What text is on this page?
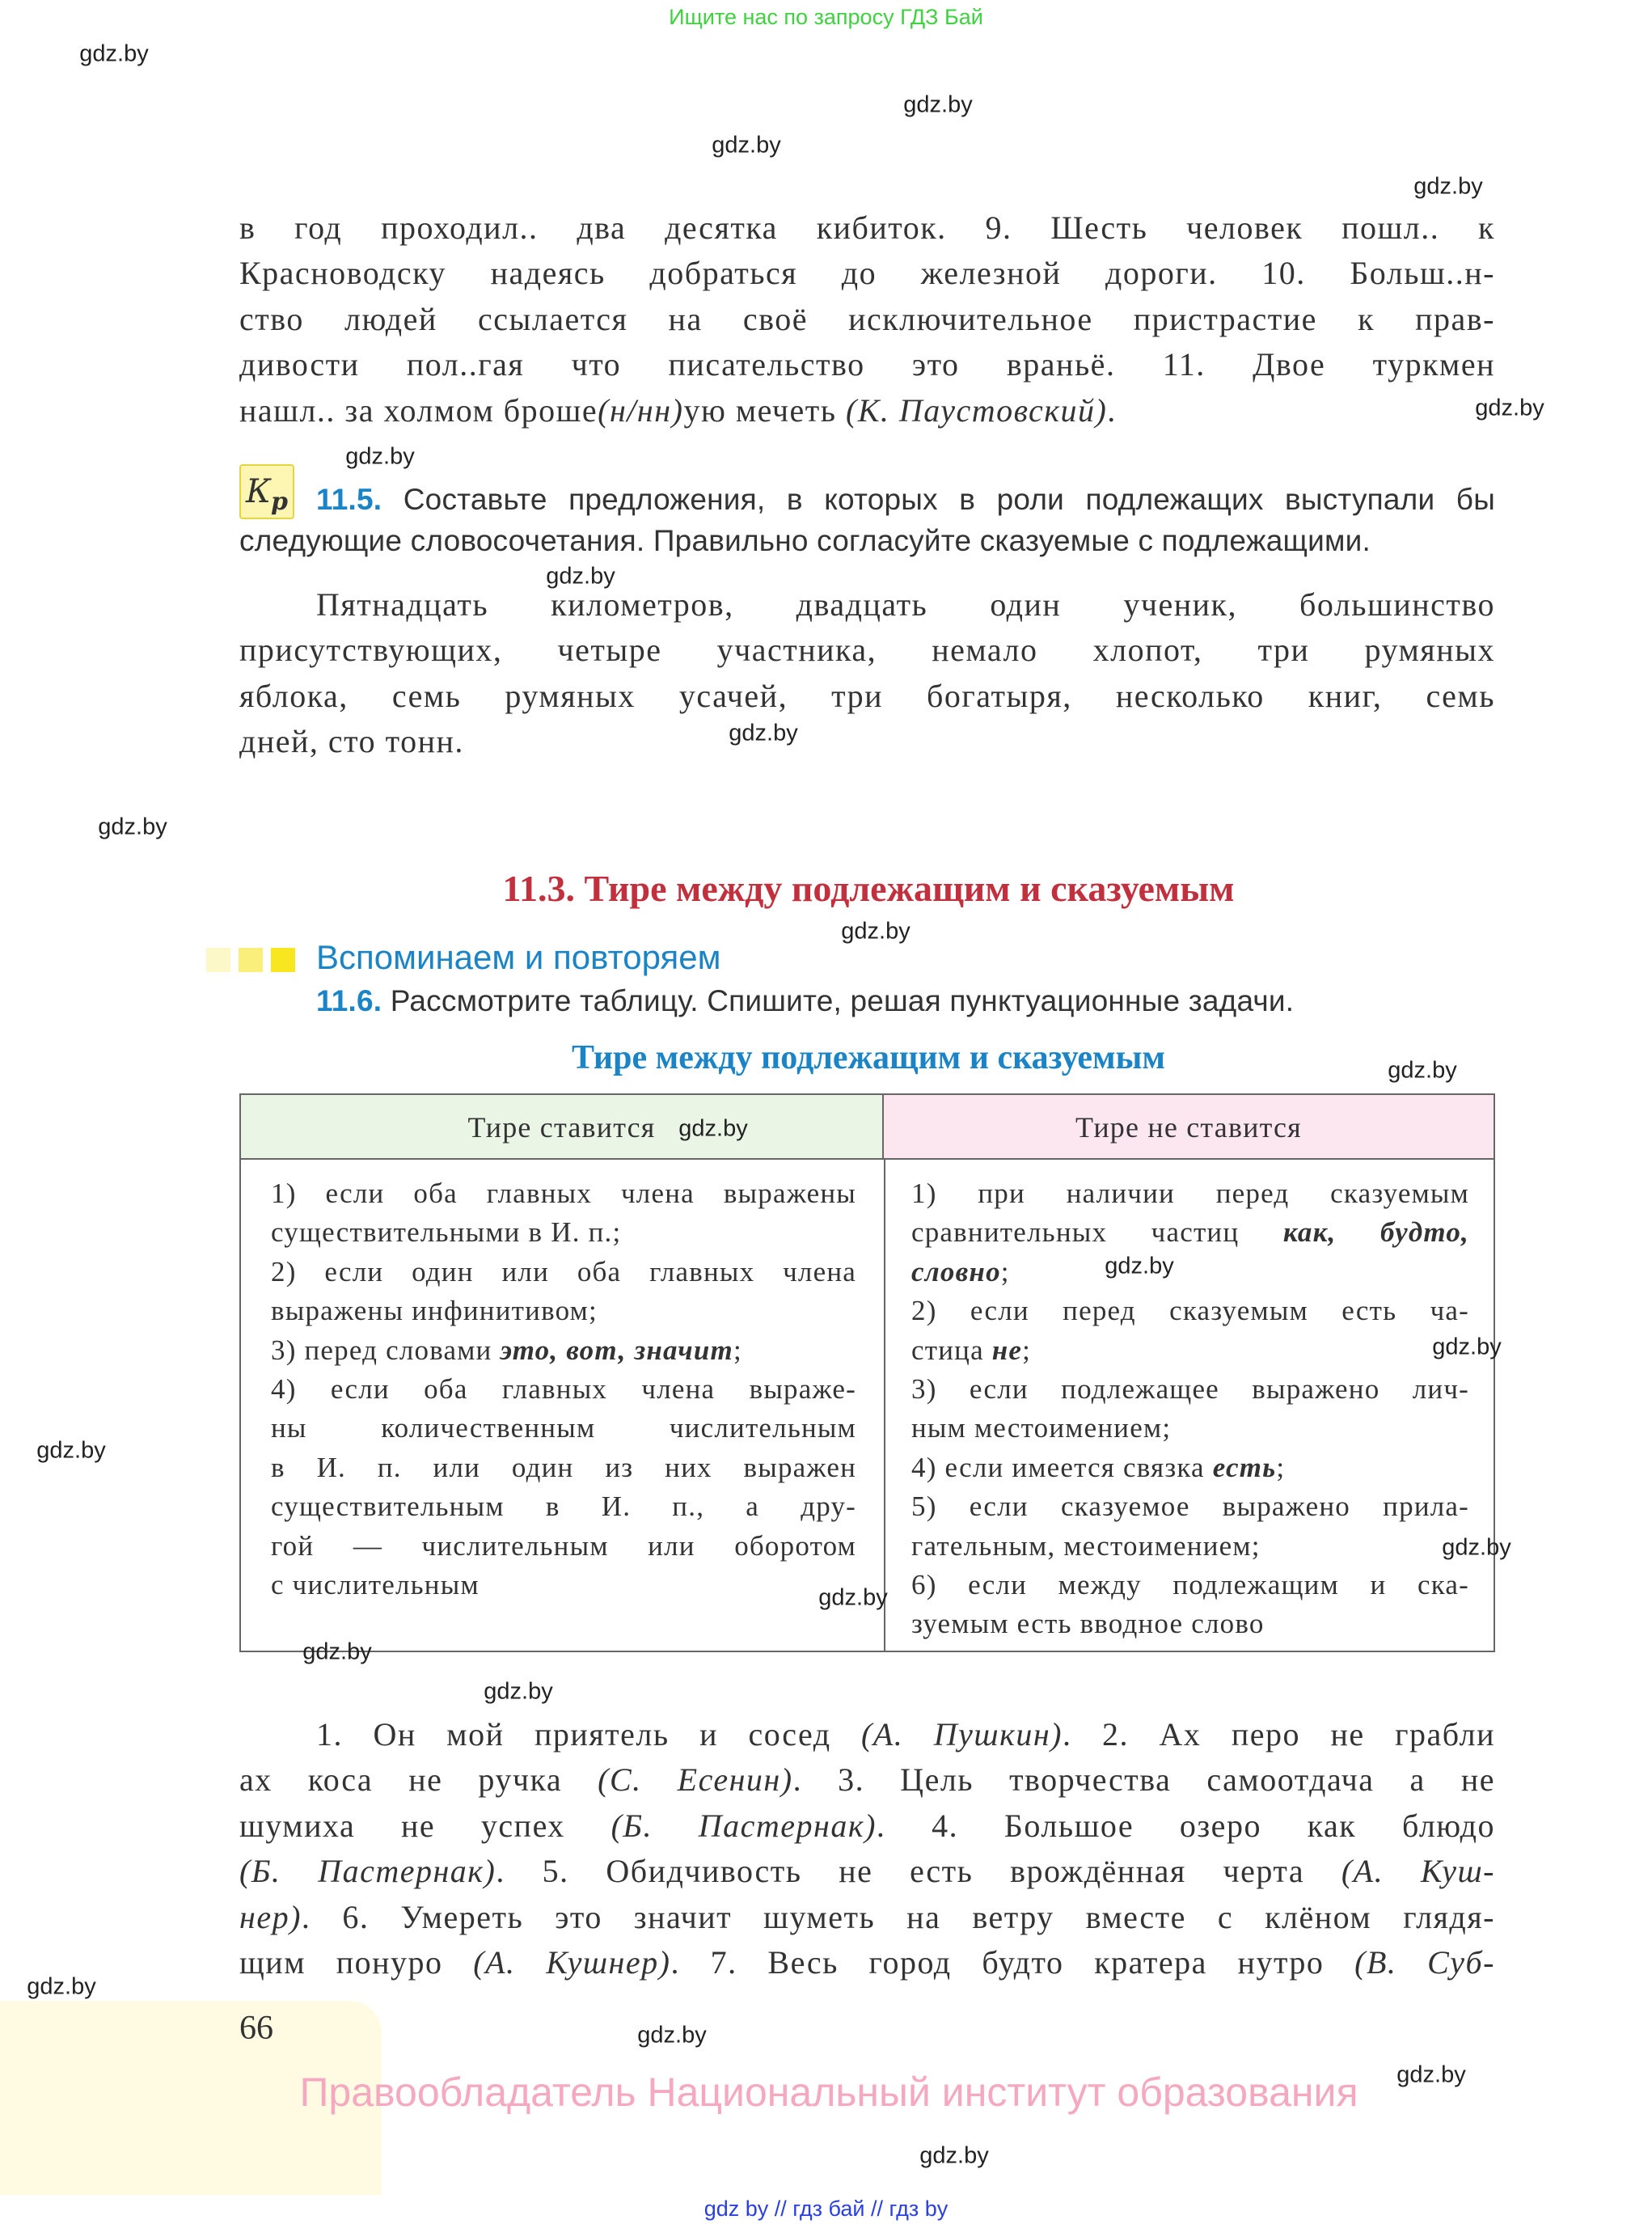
Ищите нас по запросу ГДЗ Бай
в год проходил.. два десятка кибиток. 9. Шесть человек пошл.. к
Красноводску надеясь добраться до железной дороги. 10. Больш..н-
ство людей ссылается на своё исключительное пристрастие к прав-
дивости пол..гая что писательство это враньё. 11. Двое туркмен
нашл.. за холмом броше(н/нн)ую мечеть (К. Паустовский).
$К_р$ 11.5. Составьте предложения, в которых в роли подлежащих выступали бы
следующие словосочетания. Правильно согласуйте сказуемые с подлежащими.
Пятнадцать километров, двадцать один ученик, большинство
присутствующих, четыре участника, немало хлопот, три румяных
яблока, семь румяных усачей, три богатыря, несколько книг, семь
дней, сто тонн.
11.3. Тире между подлежащим и сказуемым
Вспоминаем и повторяем
11.6. Рассмотрите таблицу. Спишите, решая пунктуационные задачи.
Тире между подлежащим и сказуемым
Тире ставится	Тире не ставится
1) если оба главных члена выражены
существительными в И. п.;
2) если один или оба главных члена
выражены инфинитивом;
3) перед словами это, вот, значит;
4) если оба главных члена выраже-
ны количественным числительным
в И. п. или один из них выражен
существительным в И. п., а дру-
гой — числительным или оборотом
с числительным
1) при наличии перед сказуемым
сравнительных частиц как, будто,
словно;
2) если перед сказуемым есть ча-
стица не;
3) если подлежащее выражено лич-
ным местоимением;
4) если имеется связка есть;
5) если сказуемое выражено прила-
гательным, местоимением;
6) если между подлежащим и ска-
зуемым есть вводное слово
1. Он мой приятель и сосед (А. Пушкин). 2. Ах перо не грабли
ах коса не ручка (С. Есенин). 3. Цель творчества самоотдача а не
шумиха не успех (Б. Пастернак). 4. Большое озеро как блюдо
(Б. Пастернак). 5. Обидчивость не есть врождённая черта (А. Куш-
нер). 6. Умереть это значит шуметь на ветру вместе с клёном глядя-
щим понуро (А. Кушнер). 7. Весь город будто кратера нутро (В. Суб-
66
Правообладатель Национальный институт образования
gdz by // гдз бай // гдз by
gdz.by
gdz.by
gdz.by
gdz.by
gdz.by
gdz.by
gdz.by
gdz.by
gdz.by
gdz.by
gdz.by
gdz.by
gdz.by
gdz.by
gdz.by
gdz.by
gdz.by
gdz.by
gdz.by
gdz.by
gdz.by
gdz.by
gdz.by
